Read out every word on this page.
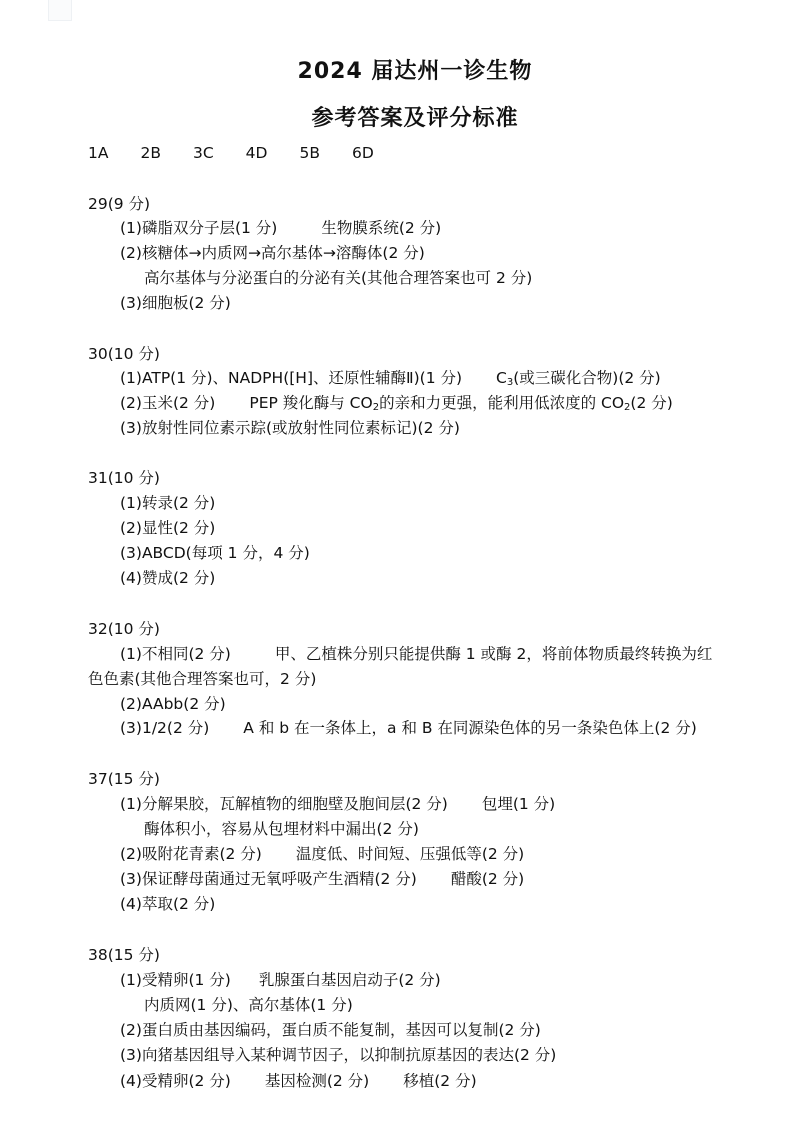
2024 届达州一诊生物
参考答案及评分标准
1A 2B 3C 4D 5B 6D
29(9 分)
(1)磷脂双分子层(1 分)	生物膜系统(2 分)
(2)核糖体→内质网→高尔基体→溶酶体(2 分)
高尔基体与分泌蛋白的分泌有关(其他合理答案也可 2 分)
(3)细胞板(2 分)
30(10 分)
(1)ATP(1 分)、NADPH([H]、还原性辅酶Ⅱ)(1 分) $C_3$(或三碳化合物)(2 分)
(2)玉米(2 分) PEP 羧化酶与 $CO_2$的亲和力更强，能利用低浓度的 $CO_2(2$ 分)
(3)放射性同位素示踪(或放射性同位素标记)(2 分)
31(10 分)
(1)转录(2 分)
(2)显性(2 分)
(3)ABCD(每项 1 分，4 分)
(4)赞成(2 分)
32(10 分)
(1)不相同(2 分)	甲、乙植株分别只能提供酶 1 或酶 2，将前体物质最终转换为红
色色素(其他合理答案也可，2 分)
(2)AAbb(2 分)
(3)1/2(2 分) A 和 b 在一条体上，a 和 B 在同源染色体的另一条染色体上(2 分)
37(15 分)
(1)分解果胶，瓦解植物的细胞壁及胞间层(2 分) 包埋(1 分)
酶体积小，容易从包埋材料中漏出(2 分)
(2)吸附花青素(2 分) 温度低、时间短、压强低等(2 分)
(3)保证酵母菌通过无氧呼吸产生酒精(2 分) 醋酸(2 分)
(4)萃取(2 分)
38(15 分)
(1)受精卵(1 分) 乳腺蛋白基因启动子(2 分)
内质网(1 分)、高尔基体(1 分)
(2)蛋白质由基因编码，蛋白质不能复制，基因可以复制(2 分)
(3)向猪基因组导入某种调节因子，以抑制抗原基因的表达(2 分)
(4)受精卵(2 分) 基因检测(2 分) 移植(2 分)
